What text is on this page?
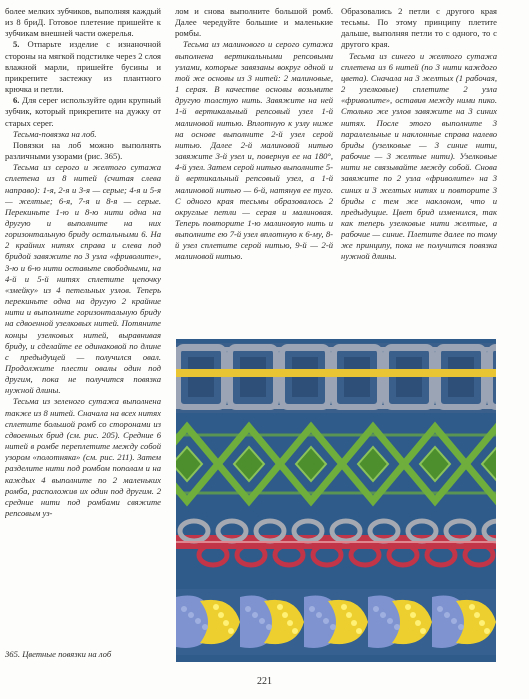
более мелких зубчиков, выполняя каждый из 8 бриД. Готовое плетение пришейте к зубчикам внешней части ожерелья.

5. Отпарьте изделие с изнаночной стороны на мягкой подстилке через 2 слоя влажной марли, пришейте бусины и прикрепите застежку из плантного крючка и петли.

6. Для серег используйте один крупный зубчик, который прикрепите на дужку от старых серег.

Тесьма-повязка на лоб.

Повязки на лоб можно выполнять различными узорами (рис. 365).

Тесьма из серого и желтого сутажа сплетена из 8 нитей (считая слева направо): 1-я, 2-я и 3-я — серые; 4-я и 5-я — желтые; 6-я, 7-я и 8-я — серые. Перекиньте 1-ю и 8-ю нити одна на другую и выполните на них горизонтальную бриду остальными 6. На 2 крайних нитях справа и слева под бридой завяжите по 3 узла «фриволите», 3-ю и 6-ю нити оставьте свободными, на 4-й и 5-й нитях сплетите цепочку «змейку» из 4 петельных узлов. Теперь перекиньте одна на другую 2 крайние нити и выполните горизонтальную бриду на сдвоенной узелковых нитей. Потяните концы узелковых нитей, выравнивая бриду, и сделайте ее одинаковой по длине с предыдущей — получился овал. Продолжите плести овалы один под другим, пока не получится повязка нужной длины.

Тесьма из зеленого сутажа выполнена также из 8 нитей. Сначала на всех нитях сплетите большой ромб со сторонами из сдвоенных брид (см. рис. 205). Средние 6 нитей в ромбе переплетите между собой узором «полотняка» (см. рис. 211). Затем разделите нити под ромбом пополам и на каждых 4 выполните по 2 маленьких ромба, расположив их один под другим. 2 средние нити под ромбами свяжите репсовым уз-

лом и снова выполните большой ромб. Далее чередуйте большие и маленькие ромбы.

Тесьма из малинового и серого сутажа выполнена вертикальными репсовыми узлами, которые завязаны вокруг одной и той же основы из 3 нитей: 2 малиновые, 1 серая. В качестве основы возьмите другую толстую нить. Завяжите на ней 1-й вертикальный репсовый узел 1-й малиновой нитью. Вплотную к узлу ниже на основе выполните 2-й узел серой нитью. Далее 2-й малиновой нитью завяжите 3-й узел и, повернув ее на 180°, 4-й узел. Затем серой нитью выполните 5-й вертикальный репсовый узел, а 1-й малиновой нитью — 6-й, натянув ее туго. С одного края тесьмы образовалось 2 округлые петли — серая и малиновая. Теперь повторите 1-ю малиновую нить и выполните ею 7-й узел вплотную к 6-му, 8-й узел сплетите серой нитью, 9-й — 2-й малиновой нитью.

Образовались 2 петли с другого края тесьмы. По этому принципу плетите дальше, выполняя петли то с одного, то с другого края.

Тесьма из синего и желтого сутажа сплетена из 6 нитей (по 3 нити каждого цвета). Сначала на 3 желтых (1 рабочая, 2 узелковые) сплетите 2 узла «фриволите», оставив между ними пико. Столько же узлов завяжите на 3 синих нитях. После этого выполните 3 параллельные и наклонные справа налево бриды (узелковые — 3 синие нити, рабочие — 3 желтые нити). Узелковые нити не связывайте между собой. Снова завяжите по 2 узла «фриволите» на 3 синих и 3 желтых нитях и повторите 3 бриды с тем же наклоном, что и предыдущие. Цвет брид изменился, так как теперь узелковые нити желтые, а рабочие — синие. Плетите далее по тому же принципу, пока не получится повязка нужной длины.

365. Цветные повязки на лоб
221
